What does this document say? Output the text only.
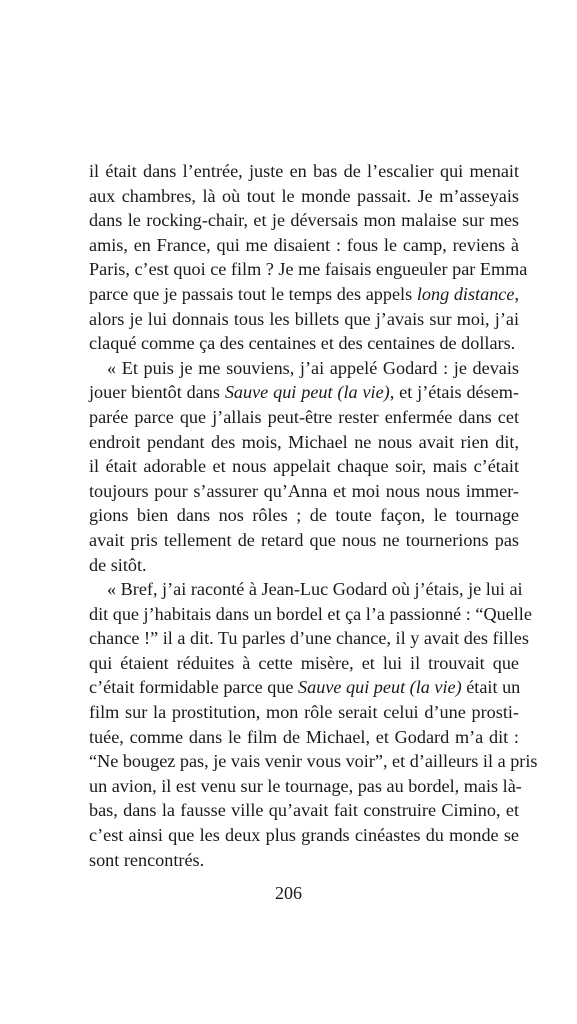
il était dans l’entrée, juste en bas de l’escalier qui menait
aux chambres, là où tout le monde passait. Je m’asseyais
dans le rocking-chair, et je déversais mon malaise sur mes
amis, en France, qui me disaient : fous le camp, reviens à
Paris, c’est quoi ce film ? Je me faisais engueuler par Emma
parce que je passais tout le temps des appels long distance,
alors je lui donnais tous les billets que j’avais sur moi, j’ai
claqué comme ça des centaines et des centaines de dollars.
« Et puis je me souviens, j’ai appelé Godard : je devais
jouer bientôt dans Sauve qui peut (la vie), et j’étais désem-
parée parce que j’allais peut-être rester enfermée dans cet
endroit pendant des mois, Michael ne nous avait rien dit,
il était adorable et nous appelait chaque soir, mais c’était
toujours pour s’assurer qu’Anna et moi nous nous immer-
gions bien dans nos rôles ; de toute façon, le tournage
avait pris tellement de retard que nous ne tournerions pas
de sitôt.
« Bref, j’ai raconté à Jean-Luc Godard où j’étais, je lui ai
dit que j’habitais dans un bordel et ça l’a passionné : “Quelle
chance !” il a dit. Tu parles d’une chance, il y avait des filles
qui étaient réduites à cette misère, et lui il trouvait que
c’était formidable parce que Sauve qui peut (la vie) était un
film sur la prostitution, mon rôle serait celui d’une prosti-
tuée, comme dans le film de Michael, et Godard m’a dit :
“Ne bougez pas, je vais venir vous voir”, et d’ailleurs il a pris
un avion, il est venu sur le tournage, pas au bordel, mais là-
bas, dans la fausse ville qu’avait fait construire Cimino, et
c’est ainsi que les deux plus grands cinéastes du monde se
sont rencontrés.
206
